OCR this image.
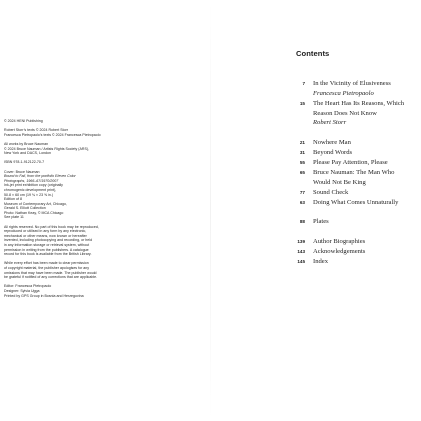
© 2024 HENI Publishing

Robert Storr’s texts © 2024 Robert Storr
Francesca Pietropaolo’s texts © 2024 Francesca Pietropaolo

All works by Bruce Nauman
© 2024 Bruce Nauman / Artists Rights Society (ARS),
New York and DACS, London

ISBN 978-1-912122-70-7

Cover: Bruce Nauman
Bound to Fail, from the portfolio Eleven Color
Photographs, 1966–67/1970/2007
Ink-jet print exhibition copy (originally
chromogenic development print),
50.8 × 60 cm (19 ¾ × 23 ⅝ in.)
Edition of 8
Museum of Contemporary Art, Chicago,
Gerald S. Elliott Collection
Photo: Nathan Keay, © MCA Chicago
See plate 11

All rights reserved. No part of this book may be reproduced,
reproduced or utilised in any form by any electronic,
mechanical or other means, now known or hereafter
invented, including photocopying and recording, or held
in any information storage or retrieval system, without
permission in writing from the publishers. A catalogue
record for this book is available from the British Library.

While every effort has been made to clear permission
of copyright material, the publisher apologises for any
omissions that may have been made. The publisher would
be grateful if notified of any corrections that are applicable.

Editor: Francesca Pietropaolo
Designer: Sylvia Ugga
Printed by GPS Group in Bosnia and Herzegovina

Contents
7 In the Vicinity of Elusiveness
Francesca Pietropaolo
15 The Heart Has Its Reasons, Which
Reason Does Not Know
Robert Storr
21 Nowhere Man
31 Beyond Words
55 Please Pay Attention, Please
65 Bruce Nauman: The Man Who
Would Not Be King
77 Sound Check
63 Doing What Comes Unnaturally
88 Plates
139 Author Biographies
143 Acknowledgements
145 Index
